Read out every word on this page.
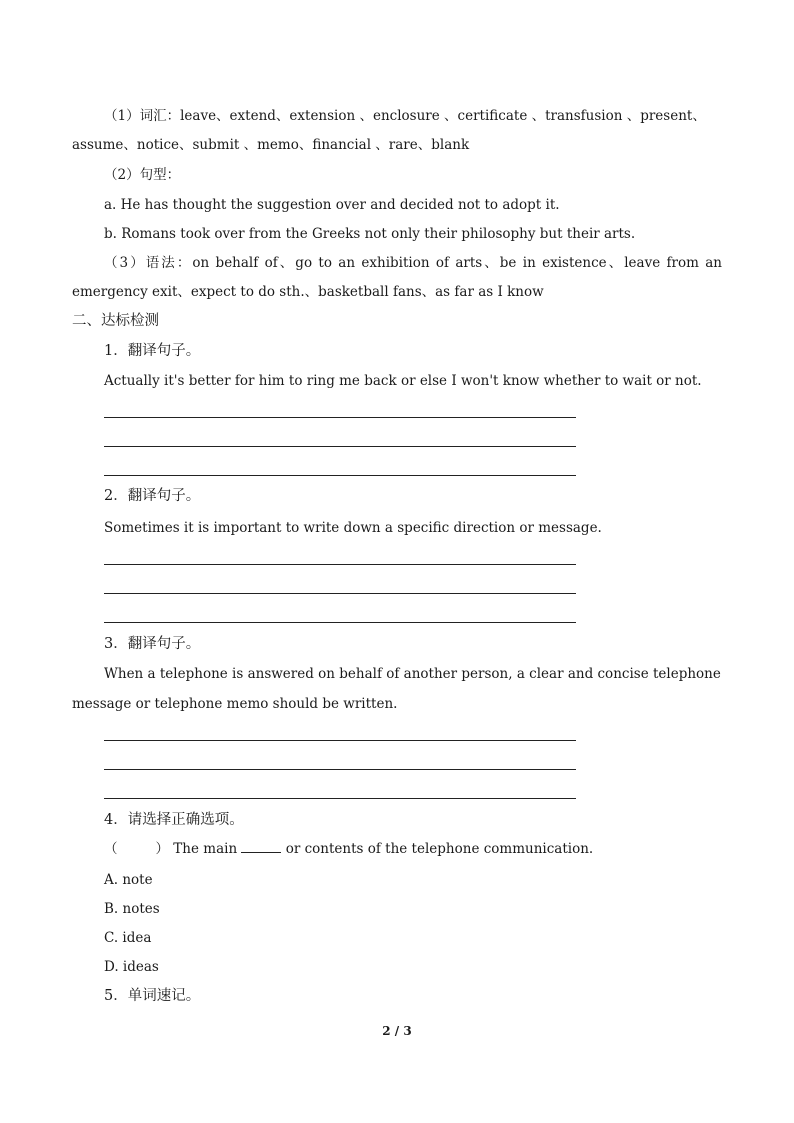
（1）词汇：leave、extend、extension 、enclosure 、certificate 、transfusion 、present、
assume、notice、submit 、memo、financial 、rare、blank
（2）句型：
a. He has thought the suggestion over and decided not to adopt it.
b. Romans took over from the Greeks not only their philosophy but their arts.
（3）语法：on behalf of、go to an exhibition of arts、be in existence、leave from an
emergency exit、expect to do sth.、basketball fans、as far as I know
二、达标检测
1．翻译句子。
Actually it's better for him to ring me back or else I won't know whether to wait or not.
2．翻译句子。
Sometimes it is important to write down a specific direction or message.
3．翻译句子。
When a telephone is answered on behalf of another person, a clear and concise telephone
message or telephone memo should be written.
4．请选择正确选项。
（	） The main	or contents of the telephone communication.
A. note
B. notes
C. idea
D. ideas
5．单词速记。
2 / 3
